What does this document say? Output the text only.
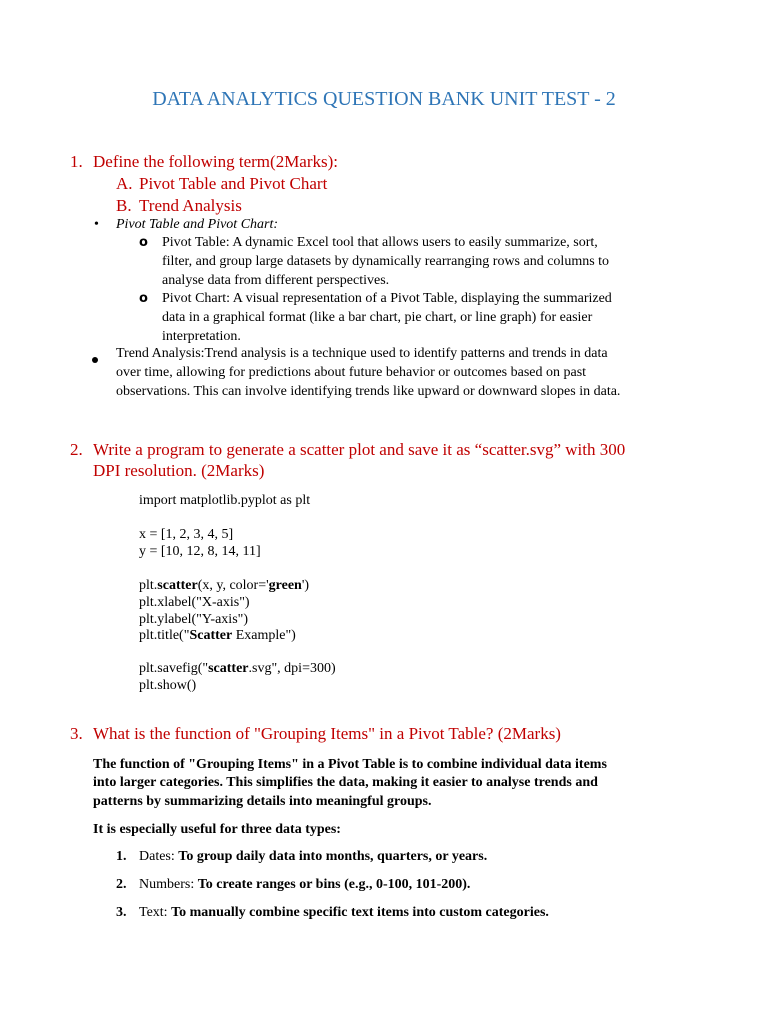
DATA ANALYTICS QUESTION BANK UNIT TEST - 2
1. Define the following term(2Marks):
A. Pivot Table and Pivot Chart
B. Trend Analysis
• Pivot Table and Pivot Chart:
o Pivot Table: A dynamic Excel tool that allows users to easily summarize, sort,
filter, and group large datasets by dynamically rearranging rows and columns to
analyse data from different perspectives.
o Pivot Chart: A visual representation of a Pivot Table, displaying the summarized
data in a graphical format (like a bar chart, pie chart, or line graph) for easier
interpretation.
Trend Analysis:Trend analysis is a technique used to identify patterns and trends in data
over time, allowing for predictions about future behavior or outcomes based on past
observations. This can involve identifying trends like upward or downward slopes in data.
2. Write a program to generate a scatter plot and save it as “scatter.svg” with 300
DPI resolution. (2Marks)
import matplotlib.pyplot as plt
x = [1, 2, 3, 4, 5]
y = [10, 12, 8, 14, 11]
plt.scatter(x, y, color='green')
plt.xlabel("X-axis")
plt.ylabel("Y-axis")
plt.title("Scatter Example")
plt.savefig("scatter.svg", dpi=300)
plt.show()
3. What is the function of "Grouping Items" in a Pivot Table? (2Marks)
The function of "Grouping Items" in a Pivot Table is to combine individual data items
into larger categories. This simplifies the data, making it easier to analyse trends and
patterns by summarizing details into meaningful groups.
It is especially useful for three data types:
1. Dates: To group daily data into months, quarters, or years.
2. Numbers: To create ranges or bins (e.g., 0-100, 101-200).
3. Text: To manually combine specific text items into custom categories.
